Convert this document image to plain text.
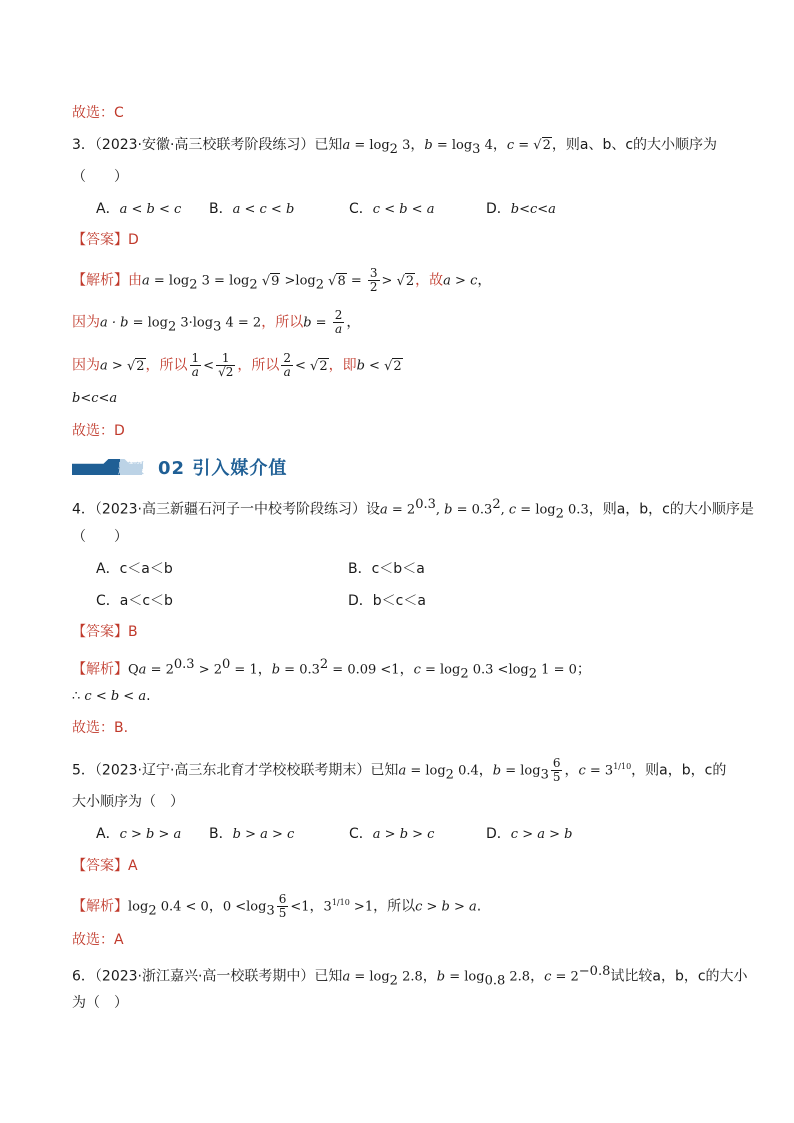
故选：C
3．（2023·安徽·高三校联考阶段练习）已知$a = \log_2 3$，$b = \log_3 4$，c = √2，则a、b、c的大小顺序为
（　　）
A．a < b < c B．a < c < b	C．c < b < a	D．b<c<a
【答案】D
【解析】由$a = \log_2 3 = \log_2 √9 >\log_2$ $√8 = \frac{3}{2} > √2$，故a > c，
因为$a \cdot b = \log_2 3\cdot\log_3$ 4 = 2，所以$b = \frac{2}{a}$ ，
因为a > √2，所以 $\frac{1}{a} < \frac{1}{√2}$ ，所以 $\frac{2}{a} < √2$，即b < √2
b<c<a
故选：D
题型 02 引入媒介值
4．（2023·高三新疆石河子一中校考阶段练习）设$a = 2^{0.3}$, $b = 0.3^2$, $c = \log_2 0.3$，则a，b，c的大小顺序是
（　　）
A．c＜a＜b	B．c＜b＜a
C．a＜c＜b	D．b＜c＜a
【答案】B
【解析】$Qa = 2^{0.3} > 2^0 = 1$，$b = 0.3^2 = 0.09 <1$，$c = \log_2 0.3 <\log_2$ 1 = 0；
∴ c < b < a.
故选：B.
5．（2023·辽宁·高三东北育才学校校联考期末）已知$a = \log_2 0.4$，$b = \log_3 \frac{6}{5}$ ，$c = 3^{1/10}$，则a，b，c的
大小顺序为（　）
A．c > b > a B．b > a > c	C．a > b > c	D．c > a > b
【答案】A
【解析】$\log_2 0.4 < 0$，$0 <\log_3 \frac{6}{5} <1$，$3^{1/10} >1$，所以c > b > a.
故选：A
6．（2023·浙江嘉兴·高一校联考期中）已知$a = \log_2 2.8$，$b = \log_{0.8} 2.8$，$c = 2^{-0.8}$试比较a，b，c的大小
为（　）
